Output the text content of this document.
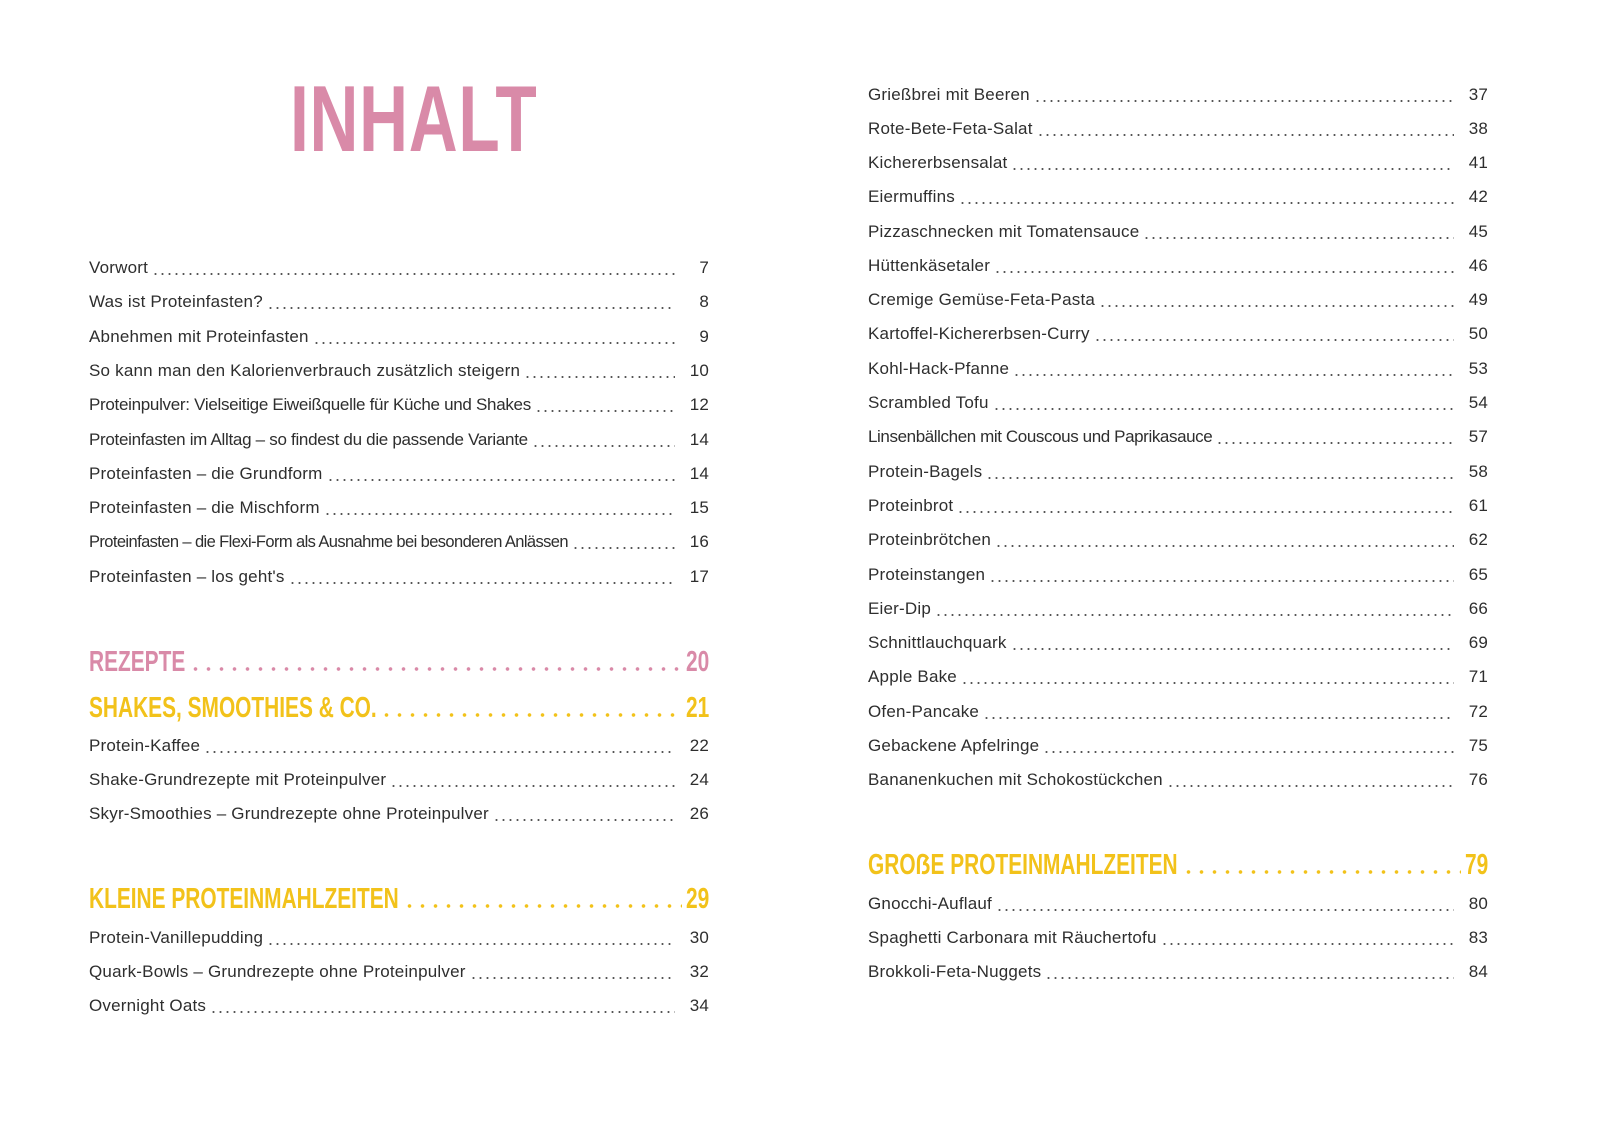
INHALT
Vorwort	7
Was ist Proteinfasten?	8
Abnehmen mit Proteinfasten	9
So kann man den Kalorienverbrauch zusätzlich steigern	10
Proteinpulver: Vielseitige Eiweißquelle für Küche und Shakes	12
Proteinfasten im Alltag – so findest du die passende Variante	14
Proteinfasten – die Grundform	14
Proteinfasten – die Mischform	15
Proteinfasten – die Flexi-Form als Ausnahme bei besonderen Anlässen	16
Proteinfasten – los geht's	17
REZEPTE	20
SHAKES, SMOOTHIES & CO.	21
Protein-Kaffee	22
Shake-Grundrezepte mit Proteinpulver	24
Skyr-Smoothies – Grundrezepte ohne Proteinpulver	26
KLEINE PROTEINMAHLZEITEN	29
Protein-Vanillepudding	30
Quark-Bowls – Grundrezepte ohne Proteinpulver	32
Overnight Oats	34
Grießbrei mit Beeren	37
Rote-Bete-Feta-Salat	38
Kichererbsensalat	41
Eiermuffins	42
Pizzaschnecken mit Tomatensauce	45
Hüttenkäsetaler	46
Cremige Gemüse-Feta-Pasta	49
Kartoffel-Kichererbsen-Curry	50
Kohl-Hack-Pfanne	53
Scrambled Tofu	54
Linsenbällchen mit Couscous und Paprikasauce	57
Protein-Bagels	58
Proteinbrot	61
Proteinbrötchen	62
Proteinstangen	65
Eier-Dip	66
Schnittlauchquark	69
Apple Bake	71
Ofen-Pancake	72
Gebackene Apfelringe	75
Bananenkuchen mit Schokostückchen	76
GROẞE PROTEINMAHLZEITEN	79
Gnocchi-Auflauf	80
Spaghetti Carbonara mit Räuchertofu	83
Brokkoli-Feta-Nuggets	84
